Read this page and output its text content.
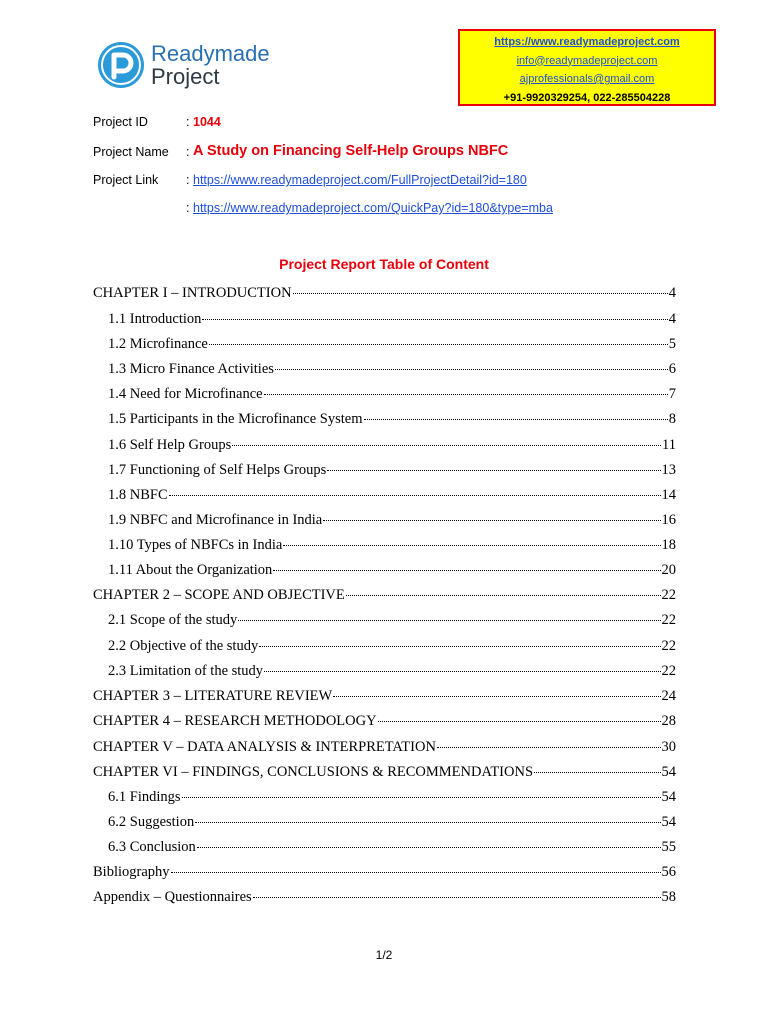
Readymade
Project
https://www.readymadeproject.com
info@readymadeproject.com
ajprofessionals@gmail.com
+91-9920329254, 022-285504228
Project ID	: 1044
Project Name : A Study on Financing Self-Help Groups NBFC
Project Link : https://www.readymadeproject.com/FullProjectDetail?id=180
: https://www.readymadeproject.com/QuickPay?id=180&type=mba
Project Report Table of Content
CHAPTER I – INTRODUCTION	4
1.1 Introduction	4
1.2 Microfinance	5
1.3 Micro Finance Activities	6
1.4 Need for Microfinance	7
1.5 Participants in the Microfinance System	8
1.6 Self Help Groups	11
1.7 Functioning of Self Helps Groups	13
1.8 NBFC	14
1.9 NBFC and Microfinance in India	16
1.10 Types of NBFCs in India	18
1.11 About the Organization	20
CHAPTER 2 – SCOPE AND OBJECTIVE	22
2.1 Scope of the study	22
2.2 Objective of the study	22
2.3 Limitation of the study	22
CHAPTER 3 – LITERATURE REVIEW	24
CHAPTER 4 – RESEARCH METHODOLOGY	28
CHAPTER V – DATA ANALYSIS & INTERPRETATION	30
CHAPTER VI – FINDINGS, CONCLUSIONS & RECOMMENDATIONS	54
6.1 Findings	54
6.2 Suggestion	54
6.3 Conclusion	55
Bibliography	56
Appendix – Questionnaires	58
1/2
